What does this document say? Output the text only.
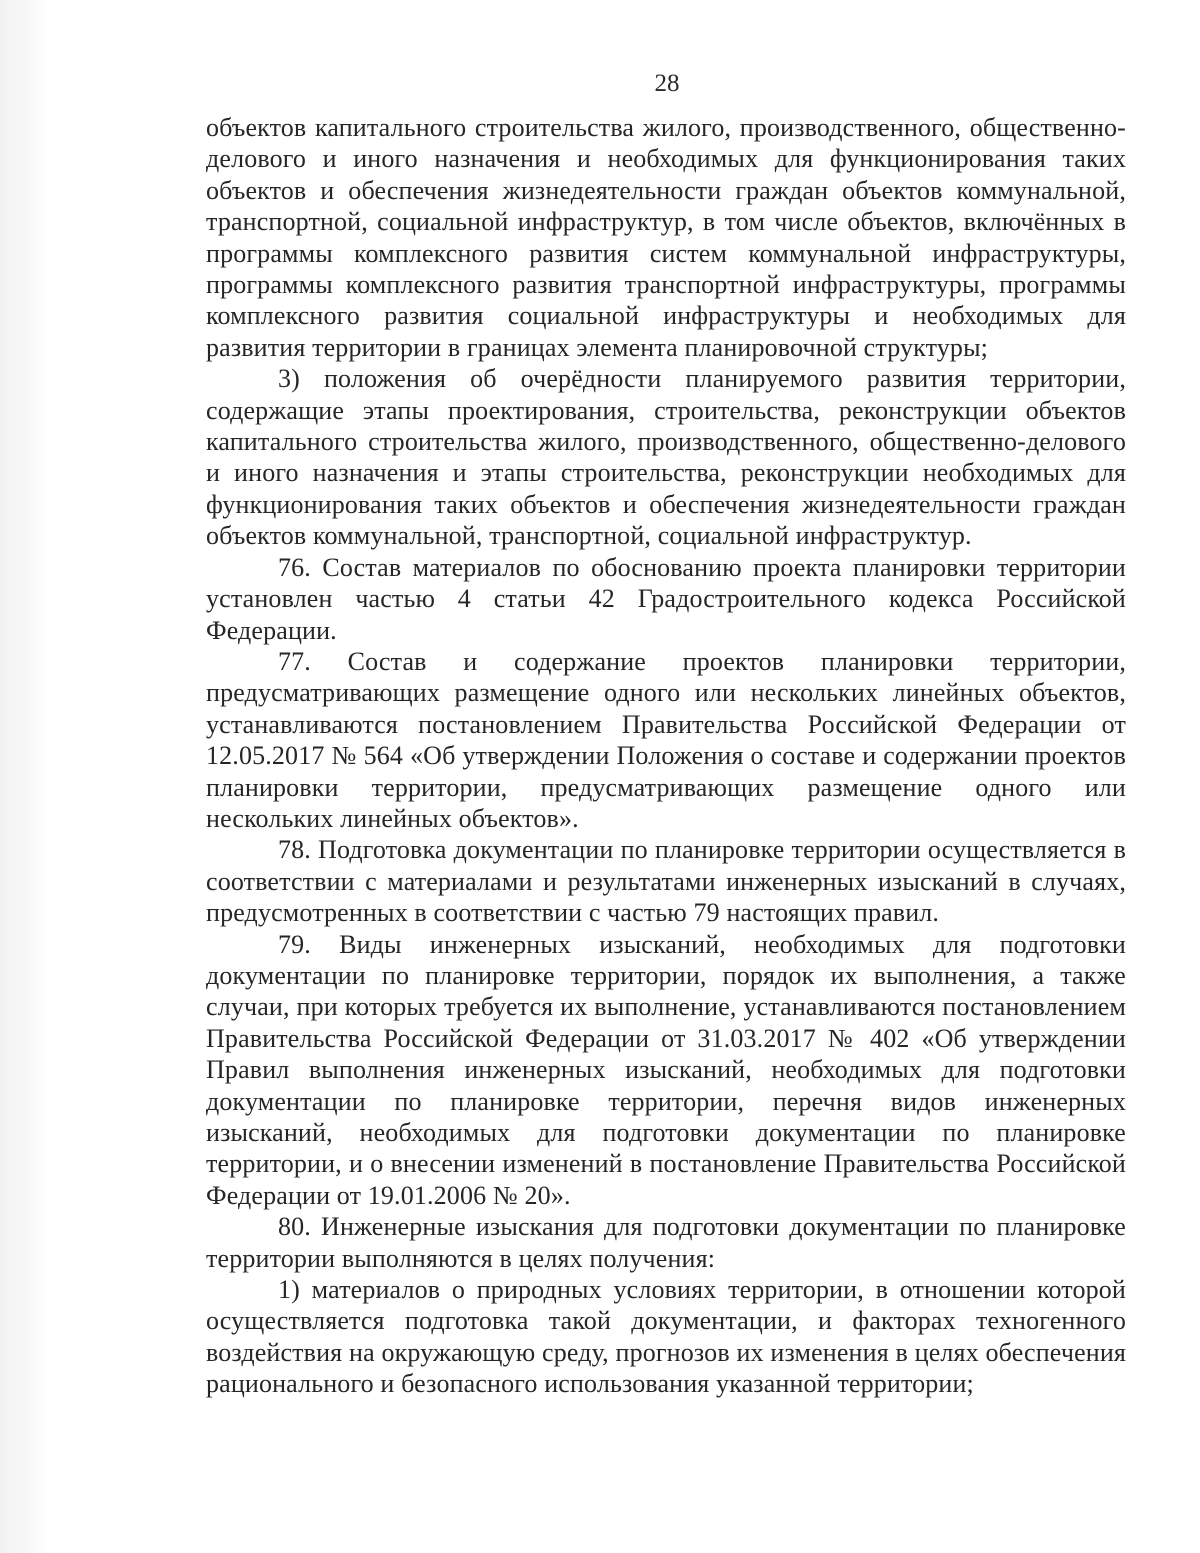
28

объектов капитального строительства жилого, производственного, общественно-делового и иного назначения и необходимых для функционирования таких объектов и обеспечения жизнедеятельности граждан объектов коммунальной, транспортной, социальной инфраструктур, в том числе объектов, включённых в программы комплексного развития систем коммунальной инфраструктуры, программы комплексного развития транспортной инфраструктуры, программы комплексного развития социальной инфраструктуры и необходимых для развития территории в границах элемента планировочной структуры;

3) положения об очерёдности планируемого развития территории, содержащие этапы проектирования, строительства, реконструкции объектов капитального строительства жилого, производственного, общественно-делового и иного назначения и этапы строительства, реконструкции необходимых для функционирования таких объектов и обеспечения жизнедеятельности граждан объектов коммунальной, транспортной, социальной инфраструктур.

76. Состав материалов по обоснованию проекта планировки территории установлен частью 4 статьи 42 Градостроительного кодекса Российской Федерации.

77. Состав и содержание проектов планировки территории, предусматривающих размещение одного или нескольких линейных объектов, устанавливаются постановлением Правительства Российской Федерации от 12.05.2017 № 564 «Об утверждении Положения о составе и содержании проектов планировки территории, предусматривающих размещение одного или нескольких линейных объектов».

78. Подготовка документации по планировке территории осуществляется в соответствии с материалами и результатами инженерных изысканий в случаях, предусмотренных в соответствии с частью 79 настоящих правил.

79. Виды инженерных изысканий, необходимых для подготовки документации по планировке территории, порядок их выполнения, а также случаи, при которых требуется их выполнение, устанавливаются постановлением Правительства Российской Федерации от 31.03.2017 № 402 «Об утверждении Правил выполнения инженерных изысканий, необходимых для подготовки документации по планировке территории, перечня видов инженерных изысканий, необходимых для подготовки документации по планировке территории, и о внесении изменений в постановление Правительства Российской Федерации от 19.01.2006 № 20».

80. Инженерные изыскания для подготовки документации по планировке территории выполняются в целях получения:

1) материалов о природных условиях территории, в отношении которой осуществляется подготовка такой документации, и факторах техногенного воздействия на окружающую среду, прогнозов их изменения в целях обеспечения рационального и безопасного использования указанной территории;
